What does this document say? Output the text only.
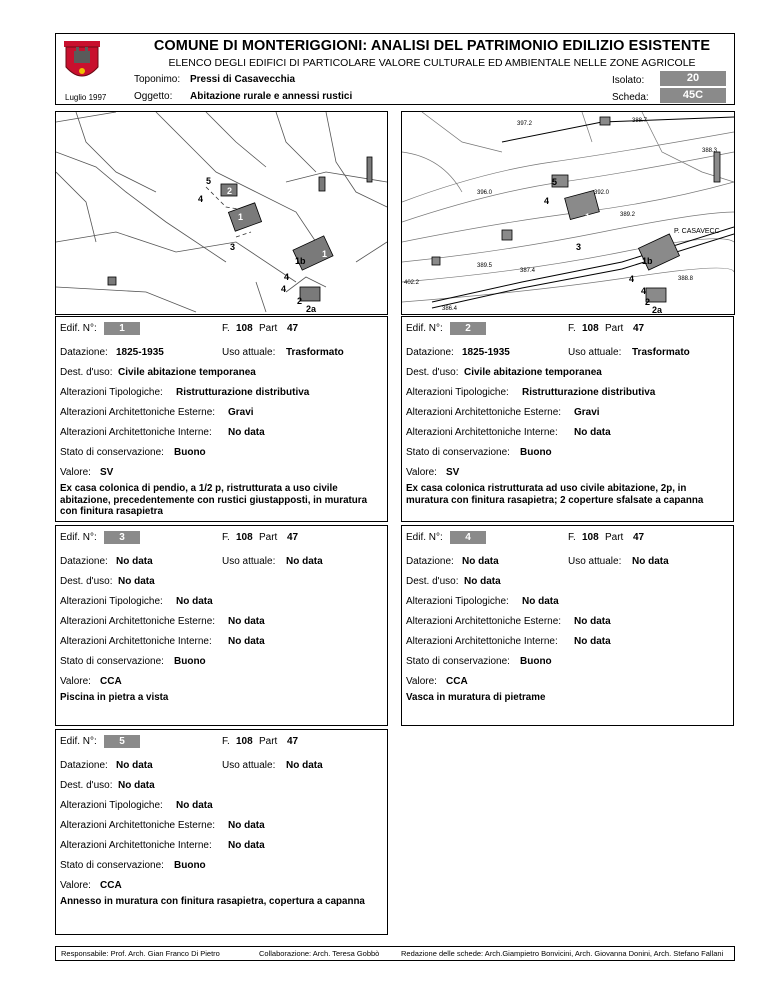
Luglio 1997
COMUNE DI MONTERIGGIONI: ANALISI DEL PATRIMONIO EDILIZIO ESISTENTE
ELENCO DEGLI EDIFICI DI PARTICOLARE VALORE CULTURALE ED AMBIENTALE NELLE ZONE AGRICOLE
Toponimo: Pressi di Casavecchia
Oggetto: Abitazione rurale e annessi rustici
Isolato:	20
Scheda:	45C
5
2
4
1
3
1b
1
4
4
2
2a
397.2	388.7
388.3
396.0	392.0
389.2
389.5
387.4
388.8
402.2
386.4
P. CASAVECC
5
2
4
1
3
1b
4
4
2
2a
Edif. N°:	1	F. 108 Part 47
Datazione: 1825-1935	Uso attuale: Trasformato
Dest. d'uso: Civile abitazione temporanea
Alterazioni Tipologiche: Ristrutturazione distributiva
Alterazioni Architettoniche Esterne: Gravi
Alterazioni Architettoniche Interne: No data
Stato di conservazione: Buono
Valore: SV
Ex casa colonica di pendio, a 1/2 p, ristrutturata a uso civile abitazione, precedentemente con rustici giustapposti, in muratura con finitura rasapietra
Edif. N°:	2	F. 108 Part 47
Datazione: 1825-1935	Uso attuale: Trasformato
Dest. d'uso: Civile abitazione temporanea
Alterazioni Tipologiche: Ristrutturazione distributiva
Alterazioni Architettoniche Esterne: Gravi
Alterazioni Architettoniche Interne: No data
Stato di conservazione: Buono
Valore: SV
Ex casa colonica ristrutturata ad uso civile abitazione, 2p, in muratura con finitura rasapietra; 2 coperture sfalsate a capanna
Edif. N°:	3	F. 108 Part 47
Datazione: No data	Uso attuale: No data
Dest. d'uso: No data
Alterazioni Tipologiche: No data
Alterazioni Architettoniche Esterne: No data
Alterazioni Architettoniche Interne: No data
Stato di conservazione: Buono
Valore: CCA
Piscina in pietra a vista
Edif. N°:	4	F. 108 Part 47
Datazione: No data	Uso attuale: No data
Dest. d'uso: No data
Alterazioni Tipologiche: No data
Alterazioni Architettoniche Esterne: No data
Alterazioni Architettoniche Interne: No data
Stato di conservazione: Buono
Valore: CCA
Vasca in muratura di pietrame
Edif. N°:	5	F. 108 Part 47
Datazione: No data	Uso attuale: No data
Dest. d'uso: No data
Alterazioni Tipologiche: No data
Alterazioni Architettoniche Esterne: No data
Alterazioni Architettoniche Interne: No data
Stato di conservazione: Buono
Valore: CCA
Annesso in muratura con finitura rasapietra, copertura a capanna
Responsabile: Prof. Arch. Gian Franco Di Pietro	Collaborazione: Arch. Teresa Gobbò	Redazione delle schede: Arch.Giampietro Bonvicini, Arch. Giovanna Donini, Arch. Stefano Fallani
